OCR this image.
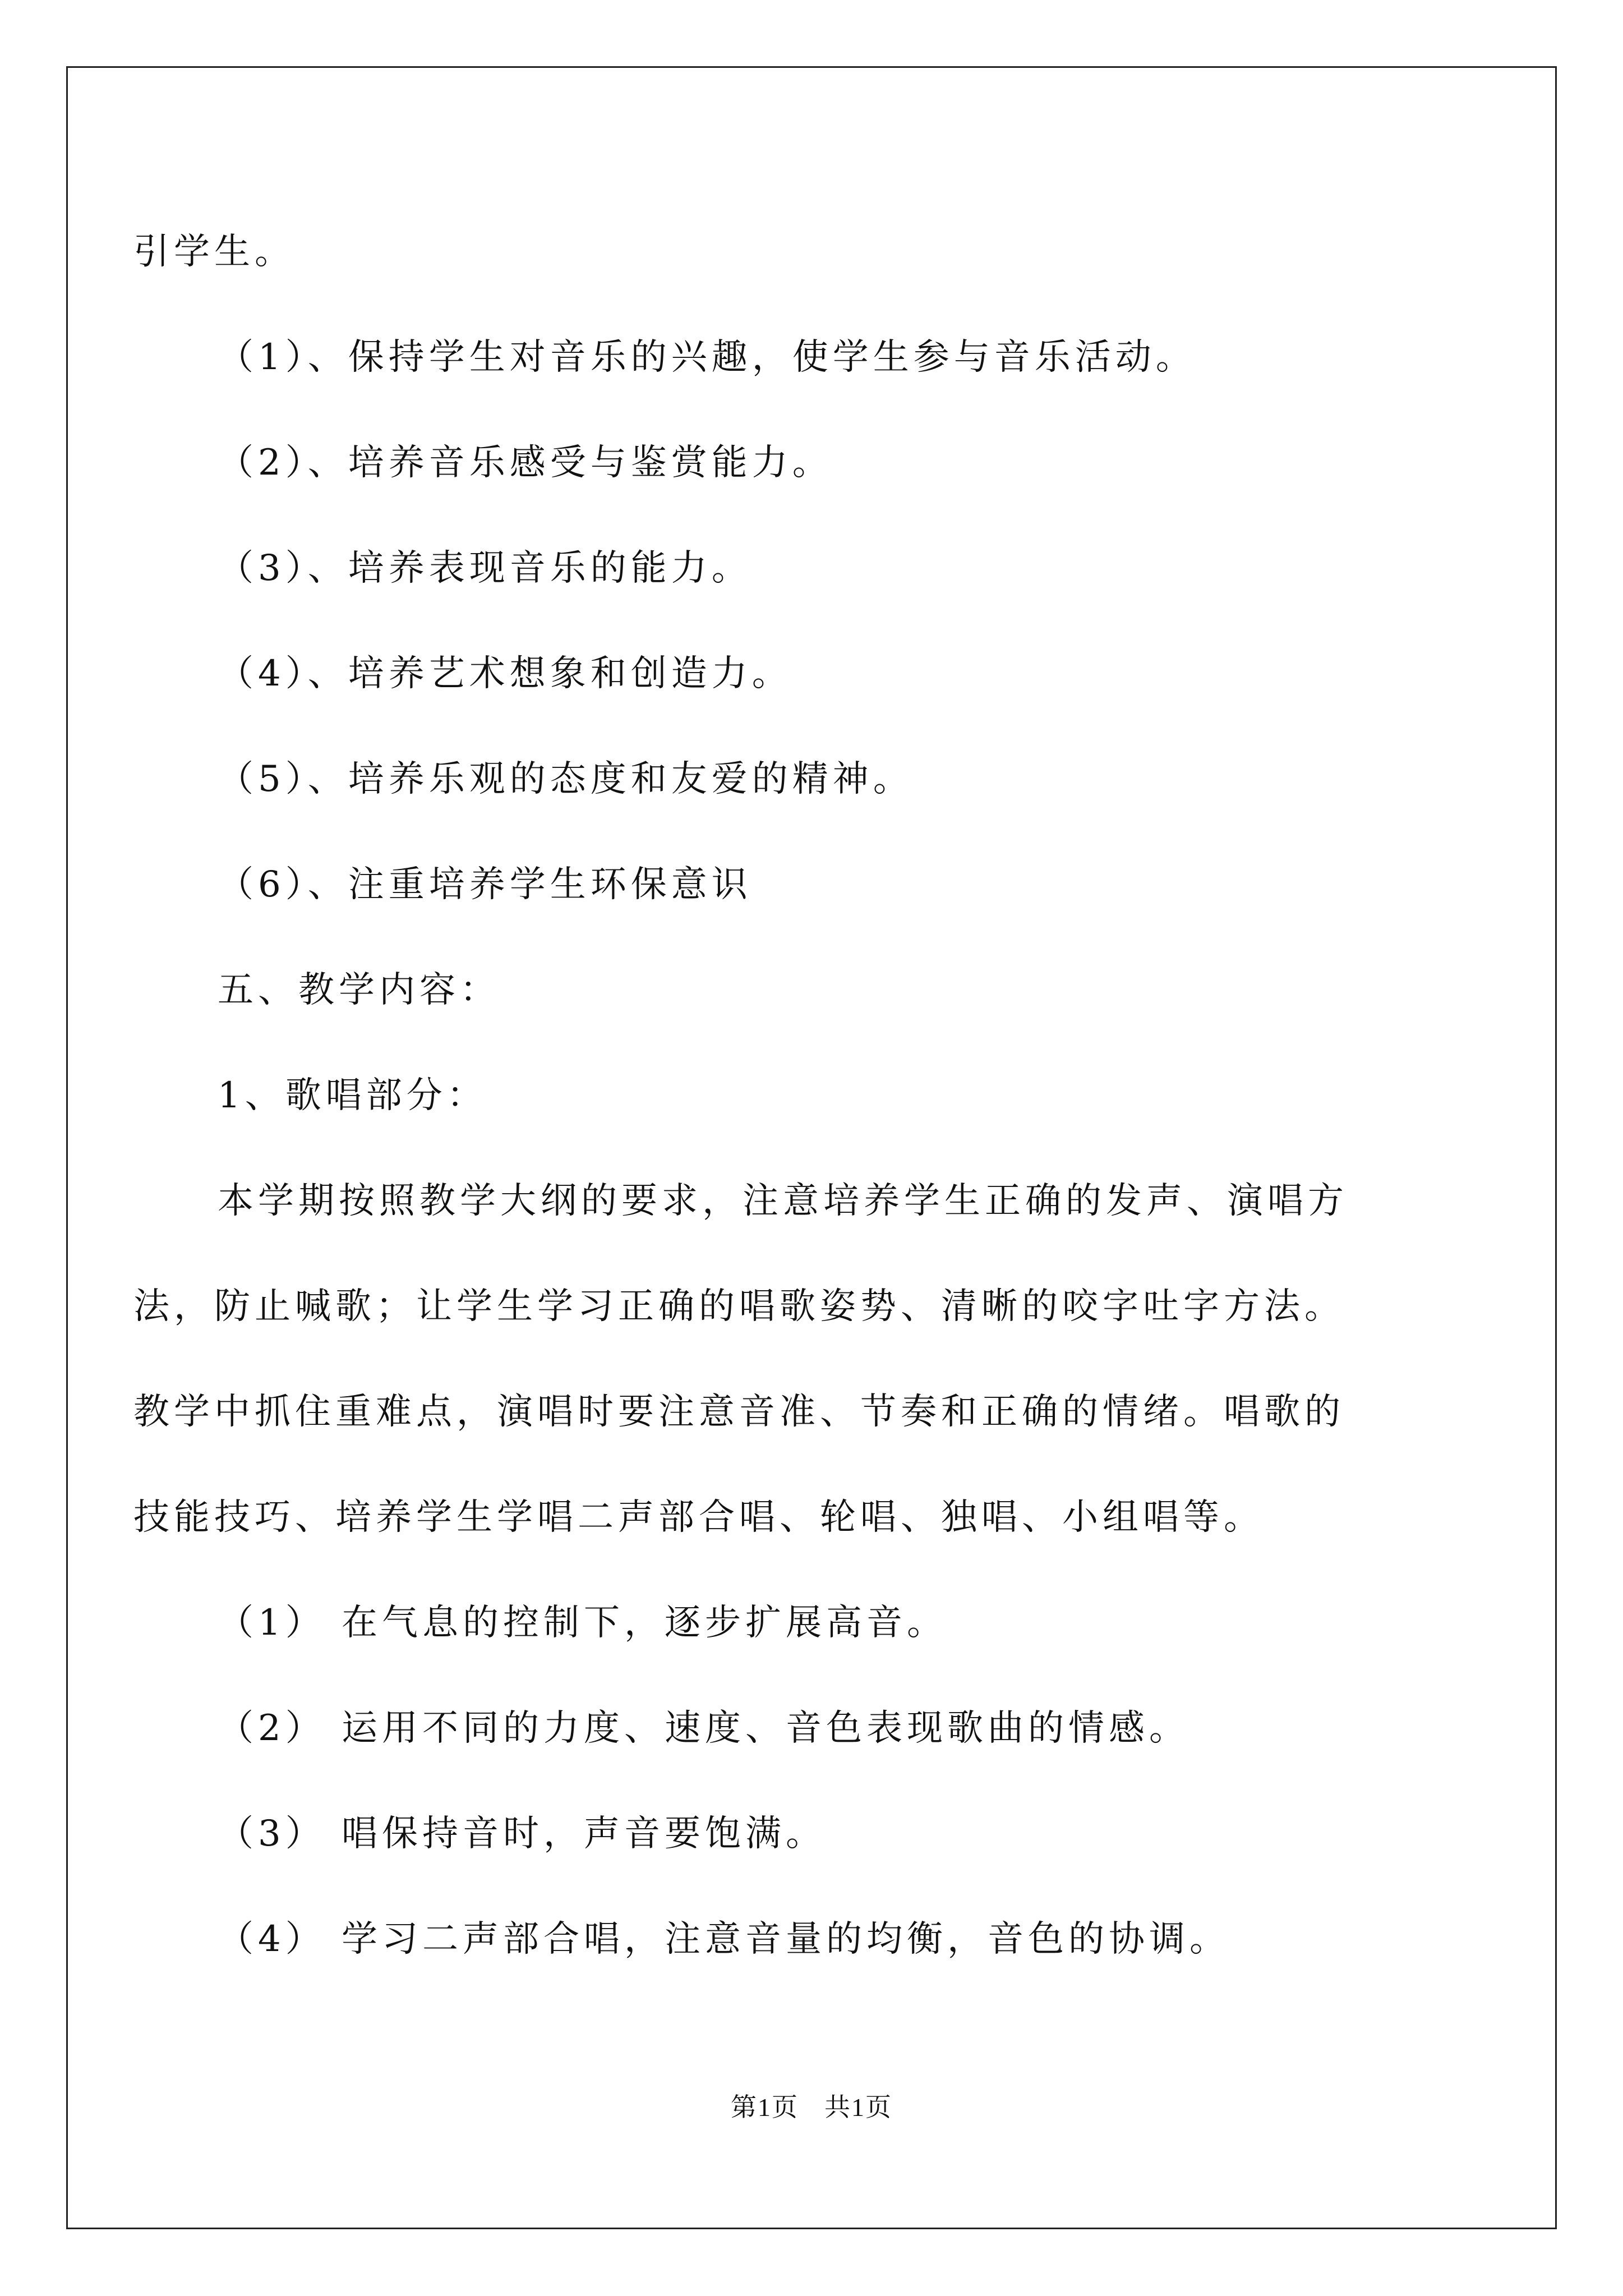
引学生。
（1）、保持学生对音乐的兴趣，使学生参与音乐活动。
（2）、培养音乐感受与鉴赏能力。
（3）、培养表现音乐的能力。
（4）、培养艺术想象和创造力。
（5）、培养乐观的态度和友爱的精神。
（6）、注重培养学生环保意识
五、教学内容：
1、歌唱部分：
本学期按照教学大纲的要求，注意培养学生正确的发声、演唱方
法，防止喊歌；让学生学习正确的唱歌姿势、清晰的咬字吐字方法。
教学中抓住重难点，演唱时要注意音准、节奏和正确的情绪。唱歌的
技能技巧、培养学生学唱二声部合唱、轮唱、独唱、小组唱等。
（1） 在气息的控制下，逐步扩展高音。
（2） 运用不同的力度、速度、音色表现歌曲的情感。
（3） 唱保持音时，声音要饱满。
（4） 学习二声部合唱，注意音量的均衡，音色的协调。
第1页 共1页
